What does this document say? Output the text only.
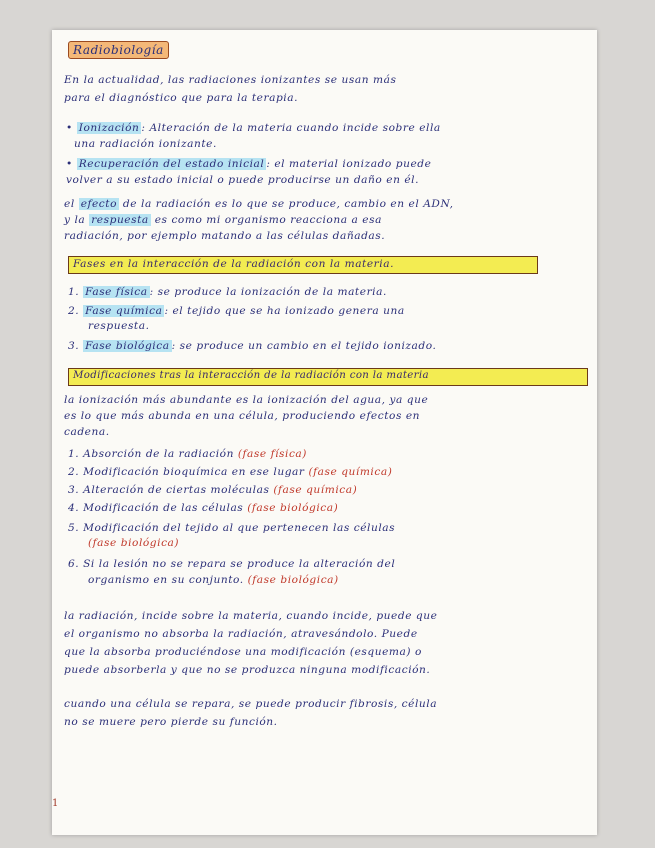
Radiobiología

En la actualidad, las radiaciones ionizantes se usan más

para el diagnóstico que para la terapia.

• Ionización : Alteración de la materia cuando incide sobre ella

una radiación ionizante.

• Recuperación del estado inicial : el material ionizado puede

volver a su estado inicial o puede producirse un daño en él.

el efecto de la radiación es lo que se produce, cambio en el ADN,

y la respuesta es como mi organismo reacciona a esa

radiación, por ejemplo matando a las células dañadas.

Fases en la interacción de la radiación con la materia.

1. Fase física : se produce la ionización de la materia.

2. Fase química : el tejido que se ha ionizado genera una

respuesta.

3. Fase biológica : se produce un cambio en el tejido ionizado.

Modificaciones tras la interacción de la radiación con la materia

la ionización más abundante es la ionización del agua, ya que

es lo que más abunda en una célula, produciendo efectos en

cadena.

1. Absorción de la radiación (fase física)

2. Modificación bioquímica en ese lugar (fase química)

3. Alteración de ciertas moléculas (fase química)

4. Modificación de las células (fase biológica)

5. Modificación del tejido al que pertenecen las células

(fase biológica)

6. Si la lesión no se repara se produce la alteración del

organismo en su conjunto. (fase biológica)

la radiación, incide sobre la materia, cuando incide, puede que

el organismo no absorba la radiación, atravesándolo. Puede

que la absorba produciéndose una modificación (esquema) o

puede absorberla y que no se produzca ninguna modificación.

cuando una célula se repara, se puede producir fibrosis, célula

no se muere pero pierde su función.

1
